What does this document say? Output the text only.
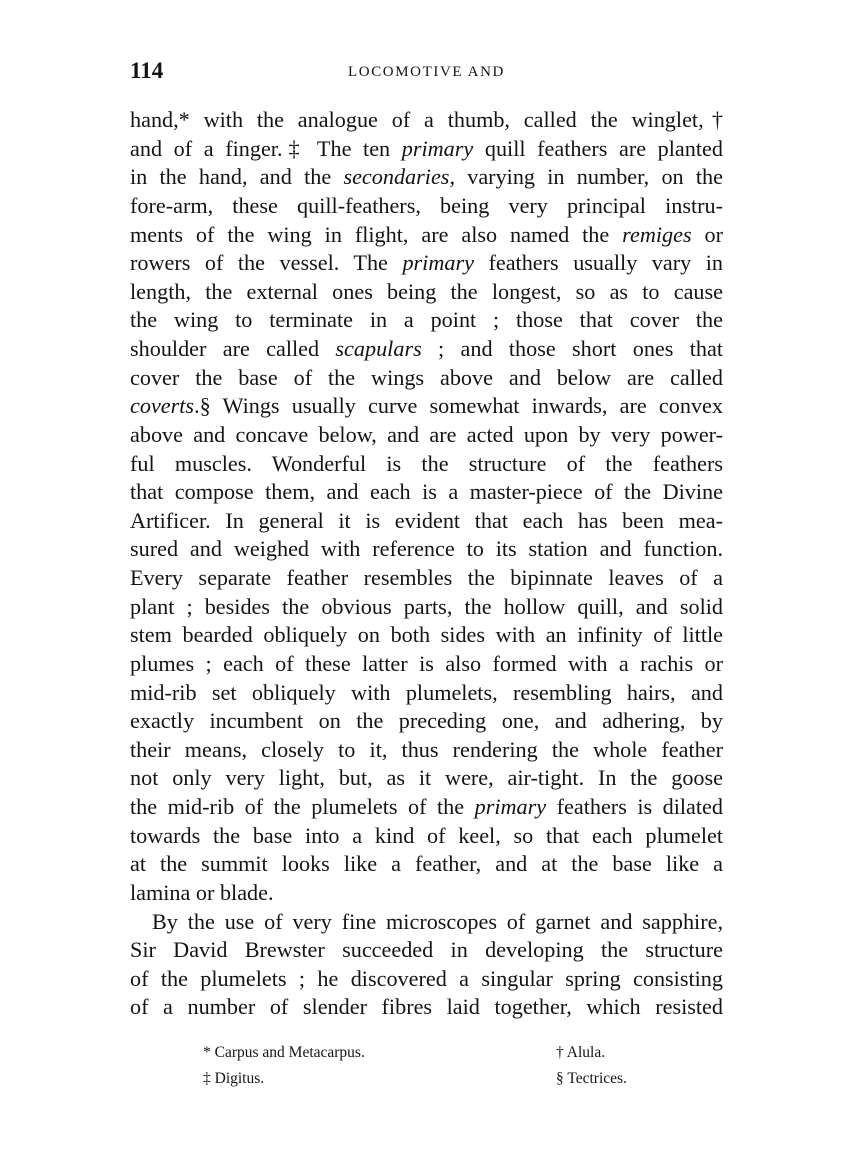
114	LOCOMOTIVE AND
hand,* with the analogue of a thumb, called the winglet,†
and of a finger.‡ The ten primary quill feathers are planted
in the hand, and the secondaries, varying in number, on the
fore-arm, these quill-feathers, being very principal instru-
ments of the wing in flight, are also named the remiges or
rowers of the vessel. The primary feathers usually vary in
length, the external ones being the longest, so as to cause
the wing to terminate in a point ; those that cover the
shoulder are called scapulars ; and those short ones that
cover the base of the wings above and below are called
coverts.§ Wings usually curve somewhat inwards, are convex
above and concave below, and are acted upon by very power-
ful muscles. Wonderful is the structure of the feathers
that compose them, and each is a master-piece of the Divine
Artificer. In general it is evident that each has been mea-
sured and weighed with reference to its station and function.
Every separate feather resembles the bipinnate leaves of a
plant ; besides the obvious parts, the hollow quill, and solid
stem bearded obliquely on both sides with an infinity of little
plumes ; each of these latter is also formed with a rachis or
mid-rib set obliquely with plumelets, resembling hairs, and
exactly incumbent on the preceding one, and adhering, by
their means, closely to it, thus rendering the whole feather
not only very light, but, as it were, air-tight. In the goose
the mid-rib of the plumelets of the primary feathers is dilated
towards the base into a kind of keel, so that each plumelet
at the summit looks like a feather, and at the base like a
lamina or blade.
By the use of very fine microscopes of garnet and sapphire,
Sir David Brewster succeeded in developing the structure
of the plumelets ; he discovered a singular spring consisting
of a number of slender fibres laid together, which resisted
* Carpus and Metacarpus.	† Alula.
‡ Digitus.	§ Tectrices.
